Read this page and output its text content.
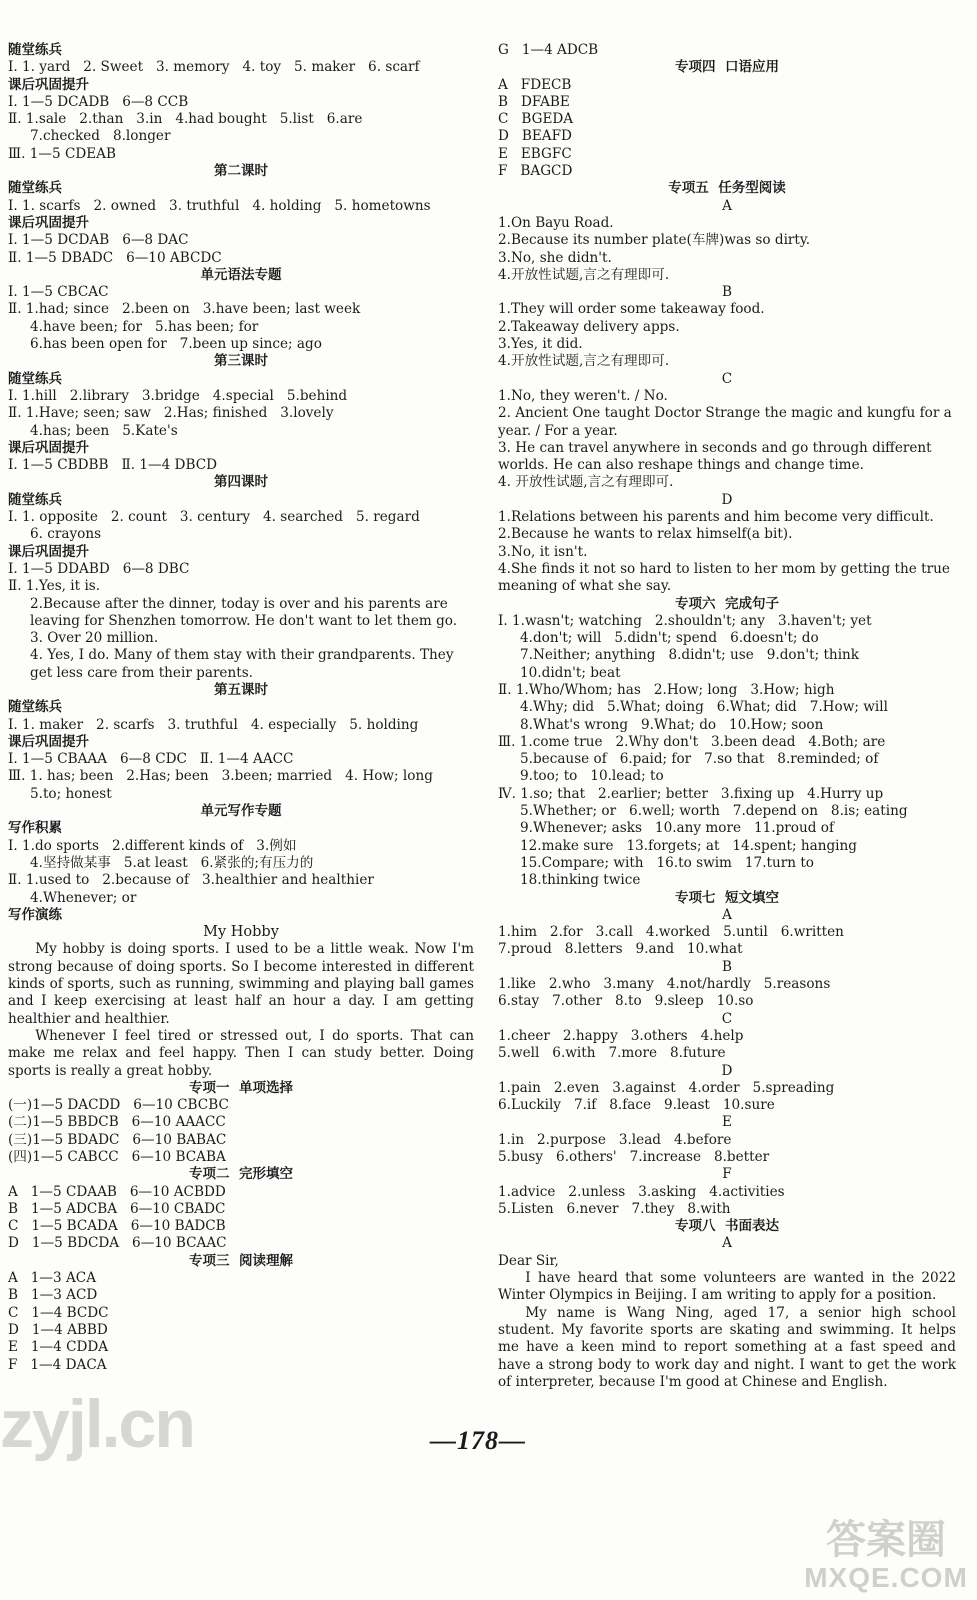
随堂练兵
Ⅰ. 1. yard   2. Sweet   3. memory   4. toy   5. maker   6. scarf
课后巩固提升
Ⅰ. 1—5 DCADB   6—8 CCB
Ⅱ. 1.sale   2.than   3.in   4.had bought   5.list   6.are
7.checked   8.longer
Ⅲ. 1—5 CDEAB
第二课时
随堂练兵
Ⅰ. 1. scarfs   2. owned   3. truthful   4. holding   5. hometowns
课后巩固提升
Ⅰ. 1—5 DCDAB   6—8 DAC
Ⅱ. 1—5 DBADC   6—10 ABCDC
单元语法专题
Ⅰ. 1—5 CBCAC
Ⅱ. 1.had; since   2.been on   3.have been; last week
4.have been; for   5.has been; for
6.has been open for   7.been up since; ago
第三课时
随堂练兵
Ⅰ. 1.hill   2.library   3.bridge   4.special   5.behind
Ⅱ. 1.Have; seen; saw   2.Has; finished   3.lovely
4.has; been   5.Kate's
课后巩固提升
Ⅰ. 1—5 CBDBB   Ⅱ. 1—4 DBCD
第四课时
随堂练兵
Ⅰ. 1. opposite   2. count   3. century   4. searched   5. regard
6. crayons
课后巩固提升
Ⅰ. 1—5 DDABD   6—8 DBC
Ⅱ. 1.Yes, it is.
2.Because after the dinner, today is over and his parents are leaving for Shenzhen tomorrow. He don't want to let them go.
3. Over 20 million.
4. Yes, I do. Many of them stay with their grandparents. They get less care from their parents.
第五课时
随堂练兵
Ⅰ. 1. maker   2. scarfs   3. truthful   4. especially   5. holding
课后巩固提升
Ⅰ. 1—5 CBAAA   6—8 CDC   Ⅱ. 1—4 AACC
Ⅲ. 1. has; been   2.Has; been   3.been; married   4. How; long
5.to; honest
单元写作专题
写作积累
Ⅰ. 1.do sports   2.different kinds of   3.例如
4.坚持做某事   5.at least   6.紧张的;有压力的
Ⅱ. 1.used to   2.because of   3.healthier and healthier
4.Whenever; or
写作演练
My Hobby
My hobby is doing sports. I used to be a little weak. Now I'm strong because of doing sports. So I become interested in different kinds of sports, such as running, swimming and playing ball games and I keep exercising at least half an hour a day. I am getting healthier and healthier.
Whenever I feel tired or stressed out, I do sports. That can make me relax and feel happy. Then I can study better. Doing sports is really a great hobby.
专项一  单项选择
(一)1—5 DACDD   6—10 CBCBC
(二)1—5 BBDCB   6—10 AAACC
(三)1—5 BDADC   6—10 BABAC
(四)1—5 CABCC   6—10 BCABA
专项二  完形填空
A   1—5 CDAAB   6—10 ACBDD
B   1—5 ADCBA   6—10 CBADC
C   1—5 BCADA   6—10 BADCB
D   1—5 BDCDA   6—10 BCAAC
专项三  阅读理解
A   1—3 ACA
B   1—3 ACD
C   1—4 BCDC
D   1—4 ABBD
E   1—4 CDDA
F   1—4 DACA
G   1—4 ADCB
专项四  口语应用
A   FDECB
B   DFABE
C   BGEDA
D   BEAFD
E   EBGFC
F   BAGCD
专项五  任务型阅读
A
1.On Bayu Road.
2.Because its number plate(车牌)was so dirty.
3.No, she didn't.
4.开放性试题,言之有理即可.
B
1.They will order some takeaway food.
2.Takeaway delivery apps.
3.Yes, it did.
4.开放性试题,言之有理即可.
C
1.No, they weren't. / No.
2. Ancient One taught Doctor Strange the magic and kungfu for a year. / For a year.
3. He can travel anywhere in seconds and go through different worlds. He can also reshape things and change time.
4. 开放性试题,言之有理即可.
D
1.Relations between his parents and him become very difficult.
2.Because he wants to relax himself(a bit).
3.No, it isn't.
4.She finds it not so hard to listen to her mom by getting the true meaning of what she say.
专项六  完成句子
Ⅰ. 1.wasn't; watching   2.shouldn't; any   3.haven't; yet
4.don't; will   5.didn't; spend   6.doesn't; do
7.Neither; anything   8.didn't; use   9.don't; think
10.didn't; beat
Ⅱ. 1.Who/Whom; has   2.How; long   3.How; high
4.Why; did   5.What; doing   6.What; did   7.How; will
8.What's wrong   9.What; do   10.How; soon
Ⅲ. 1.come true   2.Why don't   3.been dead   4.Both; are
5.because of   6.paid; for   7.so that   8.reminded; of
9.too; to   10.lead; to
Ⅳ. 1.so; that   2.earlier; better   3.fixing up   4.Hurry up
5.Whether; or   6.well; worth   7.depend on   8.is; eating
9.Whenever; asks   10.any more   11.proud of
12.make sure   13.forgets; at   14.spent; hanging
15.Compare; with   16.to swim   17.turn to
18.thinking twice
专项七  短文填空
A
1.him   2.for   3.call   4.worked   5.until   6.written
7.proud   8.letters   9.and   10.what
B
1.like   2.who   3.many   4.not/hardly   5.reasons
6.stay   7.other   8.to   9.sleep   10.so
C
1.cheer   2.happy   3.others   4.help
5.well   6.with   7.more   8.future
D
1.pain   2.even   3.against   4.order   5.spreading
6.Luckily   7.if   8.face   9.least   10.sure
E
1.in   2.purpose   3.lead   4.before
5.busy   6.others'   7.increase   8.better
F
1.advice   2.unless   3.asking   4.activities
5.Listen   6.never   7.they   8.with
专项八  书面表达
A
Dear Sir,
I have heard that some volunteers are wanted in the 2022 Winter Olympics in Beijing. I am writing to apply for a position.
My name is Wang Ning, aged 17, a senior high school student. My favorite sports are skating and swimming. It helps me have a keen mind to report something at a fast speed and have a strong body to work day and night. I want to get the work of interpreter, because I'm good at Chinese and English.
—178—
zyjl.cn
答案圈
MXQE.COM
